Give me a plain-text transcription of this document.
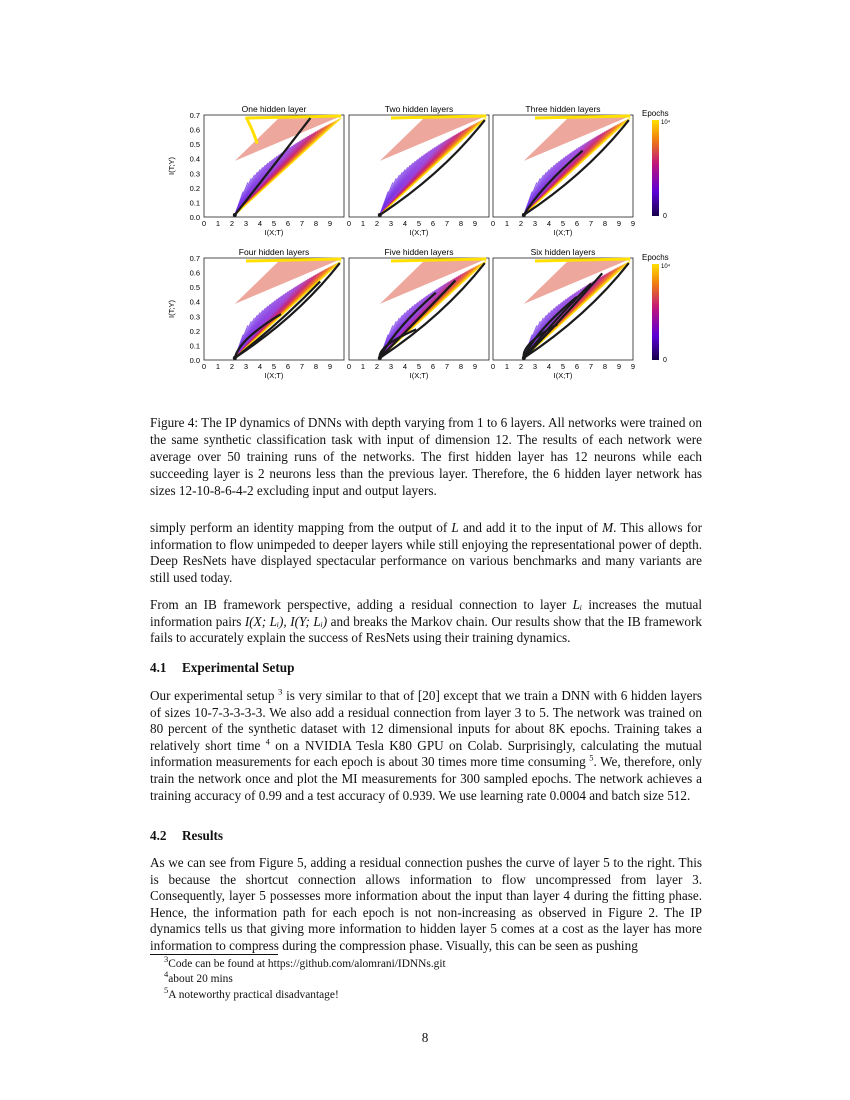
One hidden layer
0 1 2 3 4 5 6 7 8 9
I(X;T)
0.0
0.1
0.2
0.3
0.4
0.5
0.6
0.7
I(T;Y)
Two hidden layers
0 1 2 3 4 5 6 7 8 9
I(X;T)
Three hidden layers
0 1 2 3 4 5 6 7 8 9 9
I(X;T)
Four hidden layers
0 1 2 3 4 5 6 7 8 9
I(X;T)
0.0
0.1
0.2
0.3
0.4
0.5
0.6
0.7
I(T;Y)
Five hidden layers
0 1 2 3 4 5 6 7 8 9
I(X;T)
Six hidden layers
0 1 2 3 4 5 6 7 8 9 9
I(X;T)
Epochs
10⁴
0
Epochs
10⁴
0
Figure 4: The IP dynamics of DNNs with depth varying from 1 to 6 layers. All networks were trained on the same synthetic classification task with input of dimension 12. The results of each network were average over 50 training runs of the networks. The first hidden layer has 12 neurons while each succeeding layer is 2 neurons less than the previous layer. Therefore, the 6 hidden layer network has sizes 12-10-8-6-4-2 excluding input and output layers.

simply perform an identity mapping from the output of L and add it to the input of M. This allows for information to flow unimpeded to deeper layers while still enjoying the representational power of depth. Deep ResNets have displayed spectacular performance on various benchmarks and many variants are still used today.

From an IB framework perspective, adding a residual connection to layer Lᵢ increases the mutual information pairs I(X; Lᵢ), I(Y; Lᵢ) and breaks the Markov chain. Our results show that the IB framework fails to accurately explain the success of ResNets using their training dynamics.

4.1 Experimental Setup

Our experimental setup $^3$ is very similar to that of [20] except that we train a DNN with 6 hidden layers of sizes 10-7-3-3-3-3. We also add a residual connection from layer 3 to 5. The network was trained on 80 percent of the synthetic dataset with 12 dimensional inputs for about 8K epochs. Training takes a relatively short time $^4$ on a NVIDIA Tesla K80 GPU on Colab. Surprisingly, calculating the mutual information measurements for each epoch is about 30 times more time consuming $^5$. We, therefore, only train the network once and plot the MI measurements for 300 sampled epochs. The network achieves a training accuracy of 0.99 and a test accuracy of 0.939. We use learning rate 0.0004 and batch size 512.

4.2 Results
As we can see from Figure 5, adding a residual connection pushes the curve of layer 5 to the right. This is because the shortcut connection allows information to flow uncompressed from layer 3. Consequently, layer 5 possesses more information about the input than layer 4 during the fitting phase. Hence, the information path for each epoch is not non-increasing as observed in Figure 2. The IP dynamics tells us that giving more information to hidden layer 5 comes at a cost as the layer has more information to compress during the compression phase. Visually, this can be seen as pushing
$^3$Code can be found at https://github.com/alomrani/IDNNs.git
$^4$about 20 mins
$^5$A noteworthy practical disadvantage!
8
